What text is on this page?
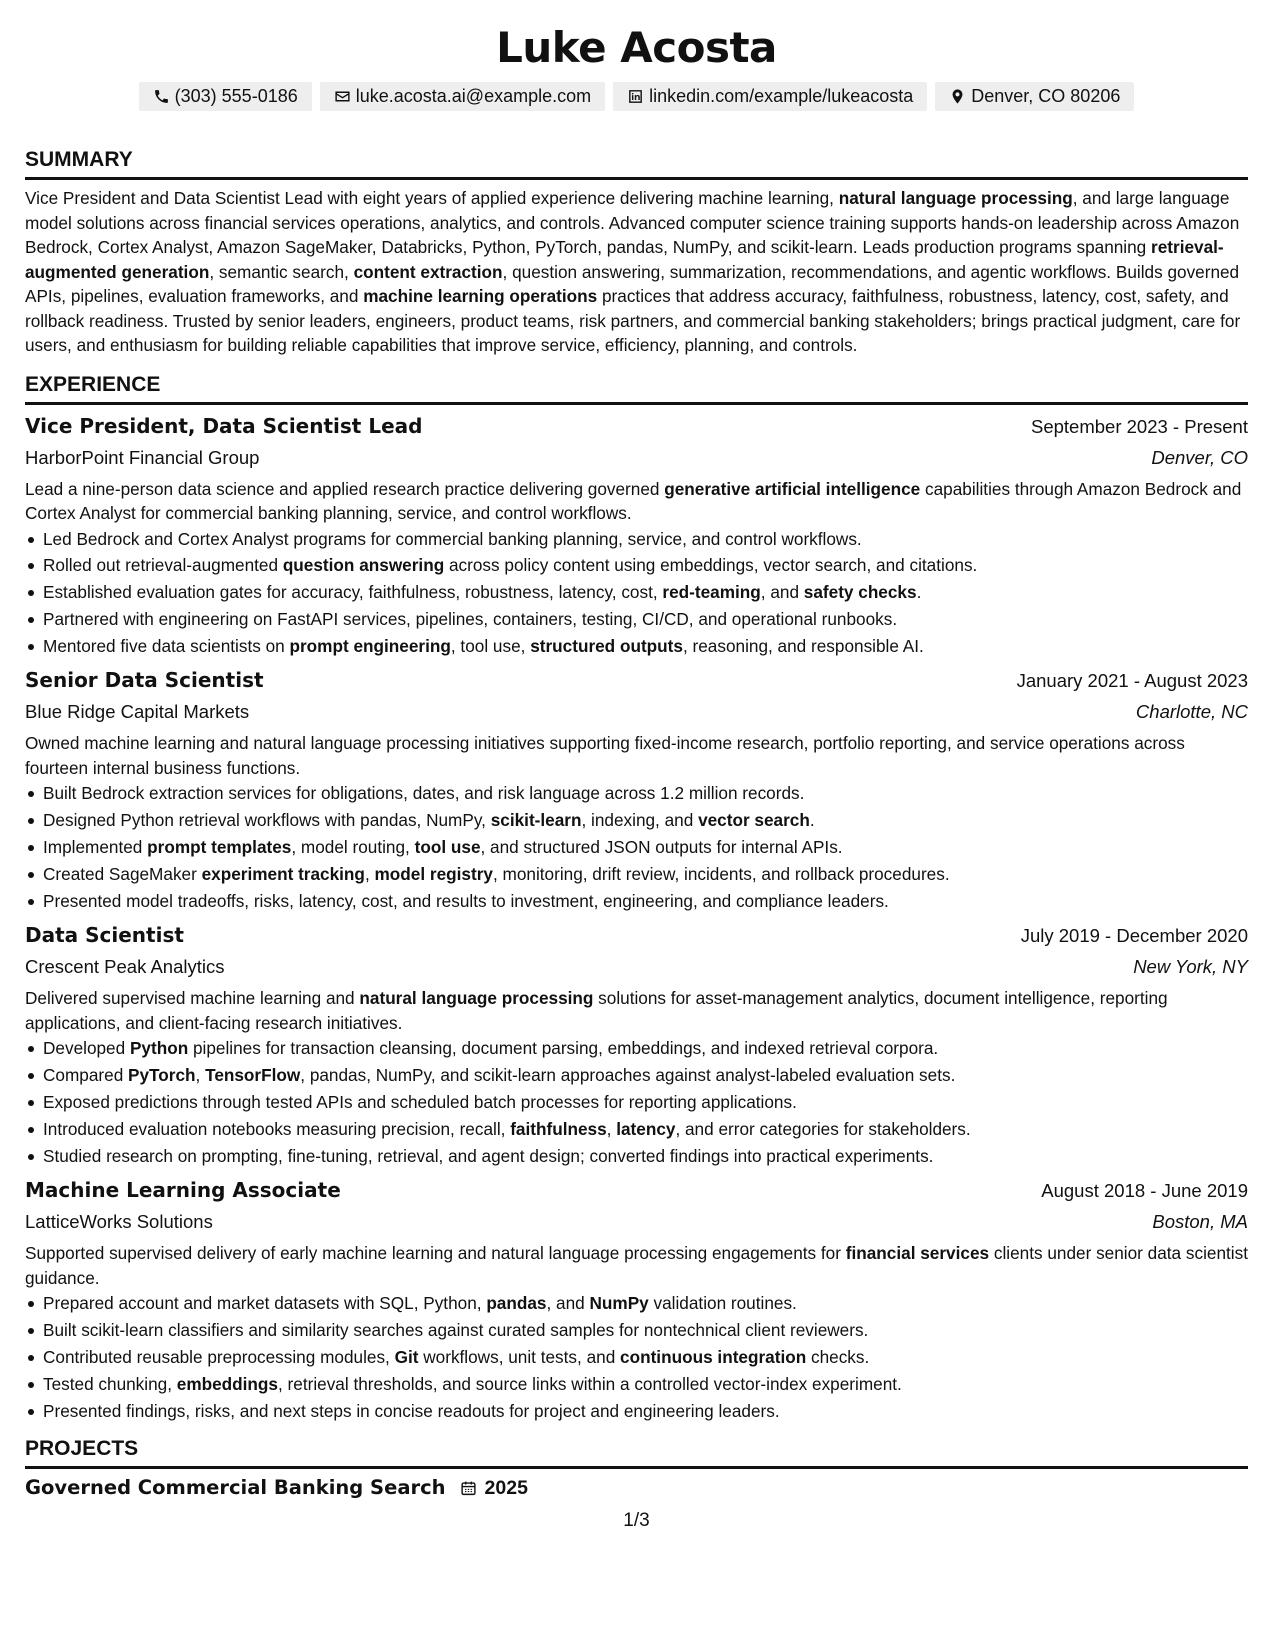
Luke Acosta
(303) 555-0186	luke.acosta.ai@example.com	linkedin.com/example/lukeacosta	Denver, CO 80206
SUMMARY

Vice President and Data Scientist Lead with eight years of applied experience delivering machine learning, natural language processing, and large language model solutions across financial services operations, analytics, and controls. Advanced computer science training supports hands-on leadership across Amazon Bedrock, Cortex Analyst, Amazon SageMaker, Databricks, Python, PyTorch, pandas, NumPy, and scikit-learn. Leads production programs spanning retrieval-augmented generation, semantic search, content extraction, question answering, summarization, recommendations, and agentic workflows. Builds governed APIs, pipelines, evaluation frameworks, and machine learning operations practices that address accuracy, faithfulness, robustness, latency, cost, safety, and rollback readiness. Trusted by senior leaders, engineers, product teams, risk partners, and commercial banking stakeholders; brings practical judgment, care for users, and enthusiasm for building reliable capabilities that improve service, efficiency, planning, and controls.

EXPERIENCE
Vice President, Data Scientist Lead	September 2023 - Present
HarborPoint Financial Group	Denver, CO

Lead a nine-person data science and applied research practice delivering governed generative artificial intelligence capabilities through Amazon Bedrock and Cortex Analyst for commercial banking planning, service, and control workflows.

Led Bedrock and Cortex Analyst programs for commercial banking planning, service, and control workflows.
Rolled out retrieval-augmented question answering across policy content using embeddings, vector search, and citations.
Established evaluation gates for accuracy, faithfulness, robustness, latency, cost, red-teaming, and safety checks.
Partnered with engineering on FastAPI services, pipelines, containers, testing, CI/CD, and operational runbooks.
Mentored five data scientists on prompt engineering, tool use, structured outputs, reasoning, and responsible AI.
Senior Data Scientist	January 2021 - August 2023
Blue Ridge Capital Markets	Charlotte, NC

Owned machine learning and natural language processing initiatives supporting fixed-income research, portfolio reporting, and service operations across fourteen internal business functions.

Built Bedrock extraction services for obligations, dates, and risk language across 1.2 million records.
Designed Python retrieval workflows with pandas, NumPy, scikit-learn, indexing, and vector search.
Implemented prompt templates, model routing, tool use, and structured JSON outputs for internal APIs.
Created SageMaker experiment tracking, model registry, monitoring, drift review, incidents, and rollback procedures.
Presented model tradeoffs, risks, latency, cost, and results to investment, engineering, and compliance leaders.
Data Scientist	July 2019 - December 2020
Crescent Peak Analytics	New York, NY

Delivered supervised machine learning and natural language processing solutions for asset-management analytics, document intelligence, reporting applications, and client-facing research initiatives.

Developed Python pipelines for transaction cleansing, document parsing, embeddings, and indexed retrieval corpora.
Compared PyTorch, TensorFlow, pandas, NumPy, and scikit-learn approaches against analyst-labeled evaluation sets.
Exposed predictions through tested APIs and scheduled batch processes for reporting applications.
Introduced evaluation notebooks measuring precision, recall, faithfulness, latency, and error categories for stakeholders.
Studied research on prompting, fine-tuning, retrieval, and agent design; converted findings into practical experiments.
Machine Learning Associate	August 2018 - June 2019
LatticeWorks Solutions	Boston, MA

Supported supervised delivery of early machine learning and natural language processing engagements for financial services clients under senior data scientist guidance.

Prepared account and market datasets with SQL, Python, pandas, and NumPy validation routines.
Built scikit-learn classifiers and similarity searches against curated samples for nontechnical client reviewers.
Contributed reusable preprocessing modules, Git workflows, unit tests, and continuous integration checks.
Tested chunking, embeddings, retrieval thresholds, and source links within a controlled vector-index experiment.
Presented findings, risks, and next steps in concise readouts for project and engineering leaders.
PROJECTS
Governed Commercial Banking Search 2025
1/3
